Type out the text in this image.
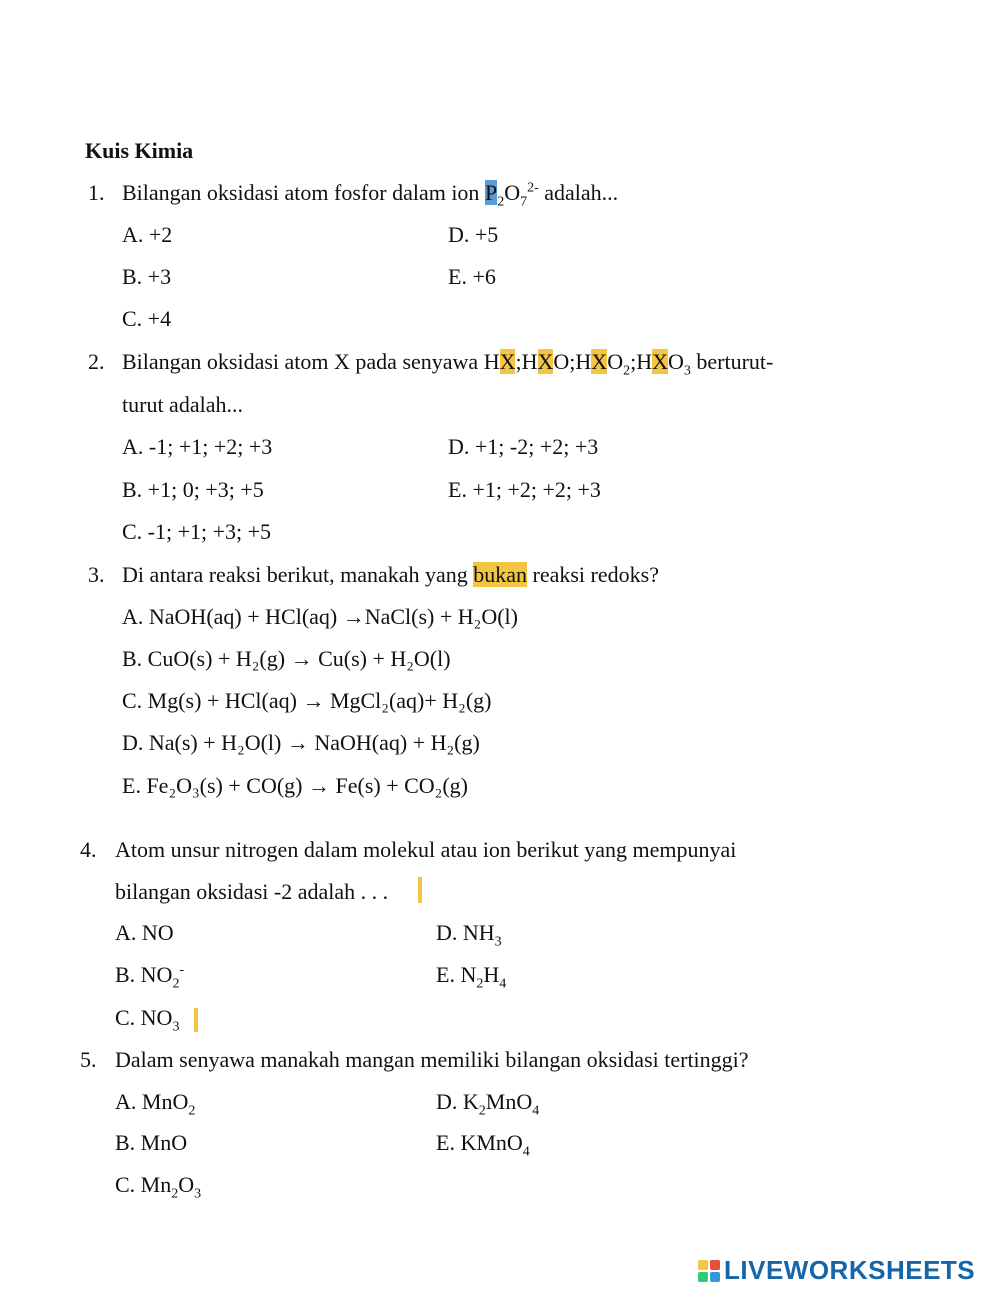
Kuis Kimia
1. Bilangan oksidasi atom fosfor dalam ion $P_2O_7^{2-}$ adalah...
A. +2
B. +3
C. +4
D. +5
E. +6
2. Bilangan oksidasi atom X pada senyawa $HX;HXO;HXO_2;HXO_3$ berturut-
turut adalah...
A. -1; +1; +2; +3
B. +1; 0; +3; +5
C. -1; +1; +3; +5
D. +1; -2; +2; +3
E. +1; +2; +2; +3
3. Di antara reaksi berikut, manakah yang bukan reaksi redoks?
A. NaOH(aq) + HCl(aq) →NaCl(s) + H₂O(l)
B. CuO(s) + H₂(g) → Cu(s) + H₂O(l)
C. Mg(s) + HCl(aq) → MgCl₂(aq)+ H₂(g)
D. Na(s) + H₂O(l) → NaOH(aq) + H₂(g)
E. Fe₂O₃(s) + CO(g) → Fe(s) + CO₂(g)
4. Atom unsur nitrogen dalam molekul atau ion berikut yang mempunyai
bilangan oksidasi -2 adalah . . .
A. NO
B. $NO_2^-$
C. $NO_3$
D. $NH_3$
E. $N_2H_4$
5. Dalam senyawa manakah mangan memiliki bilangan oksidasi tertinggi?
A. MnO$_2$
B. MnO
C. $Mn_2O_3$
D. $K_2MnO_4$
E. KMnO$_4$
LIVEWORKSHEETS
